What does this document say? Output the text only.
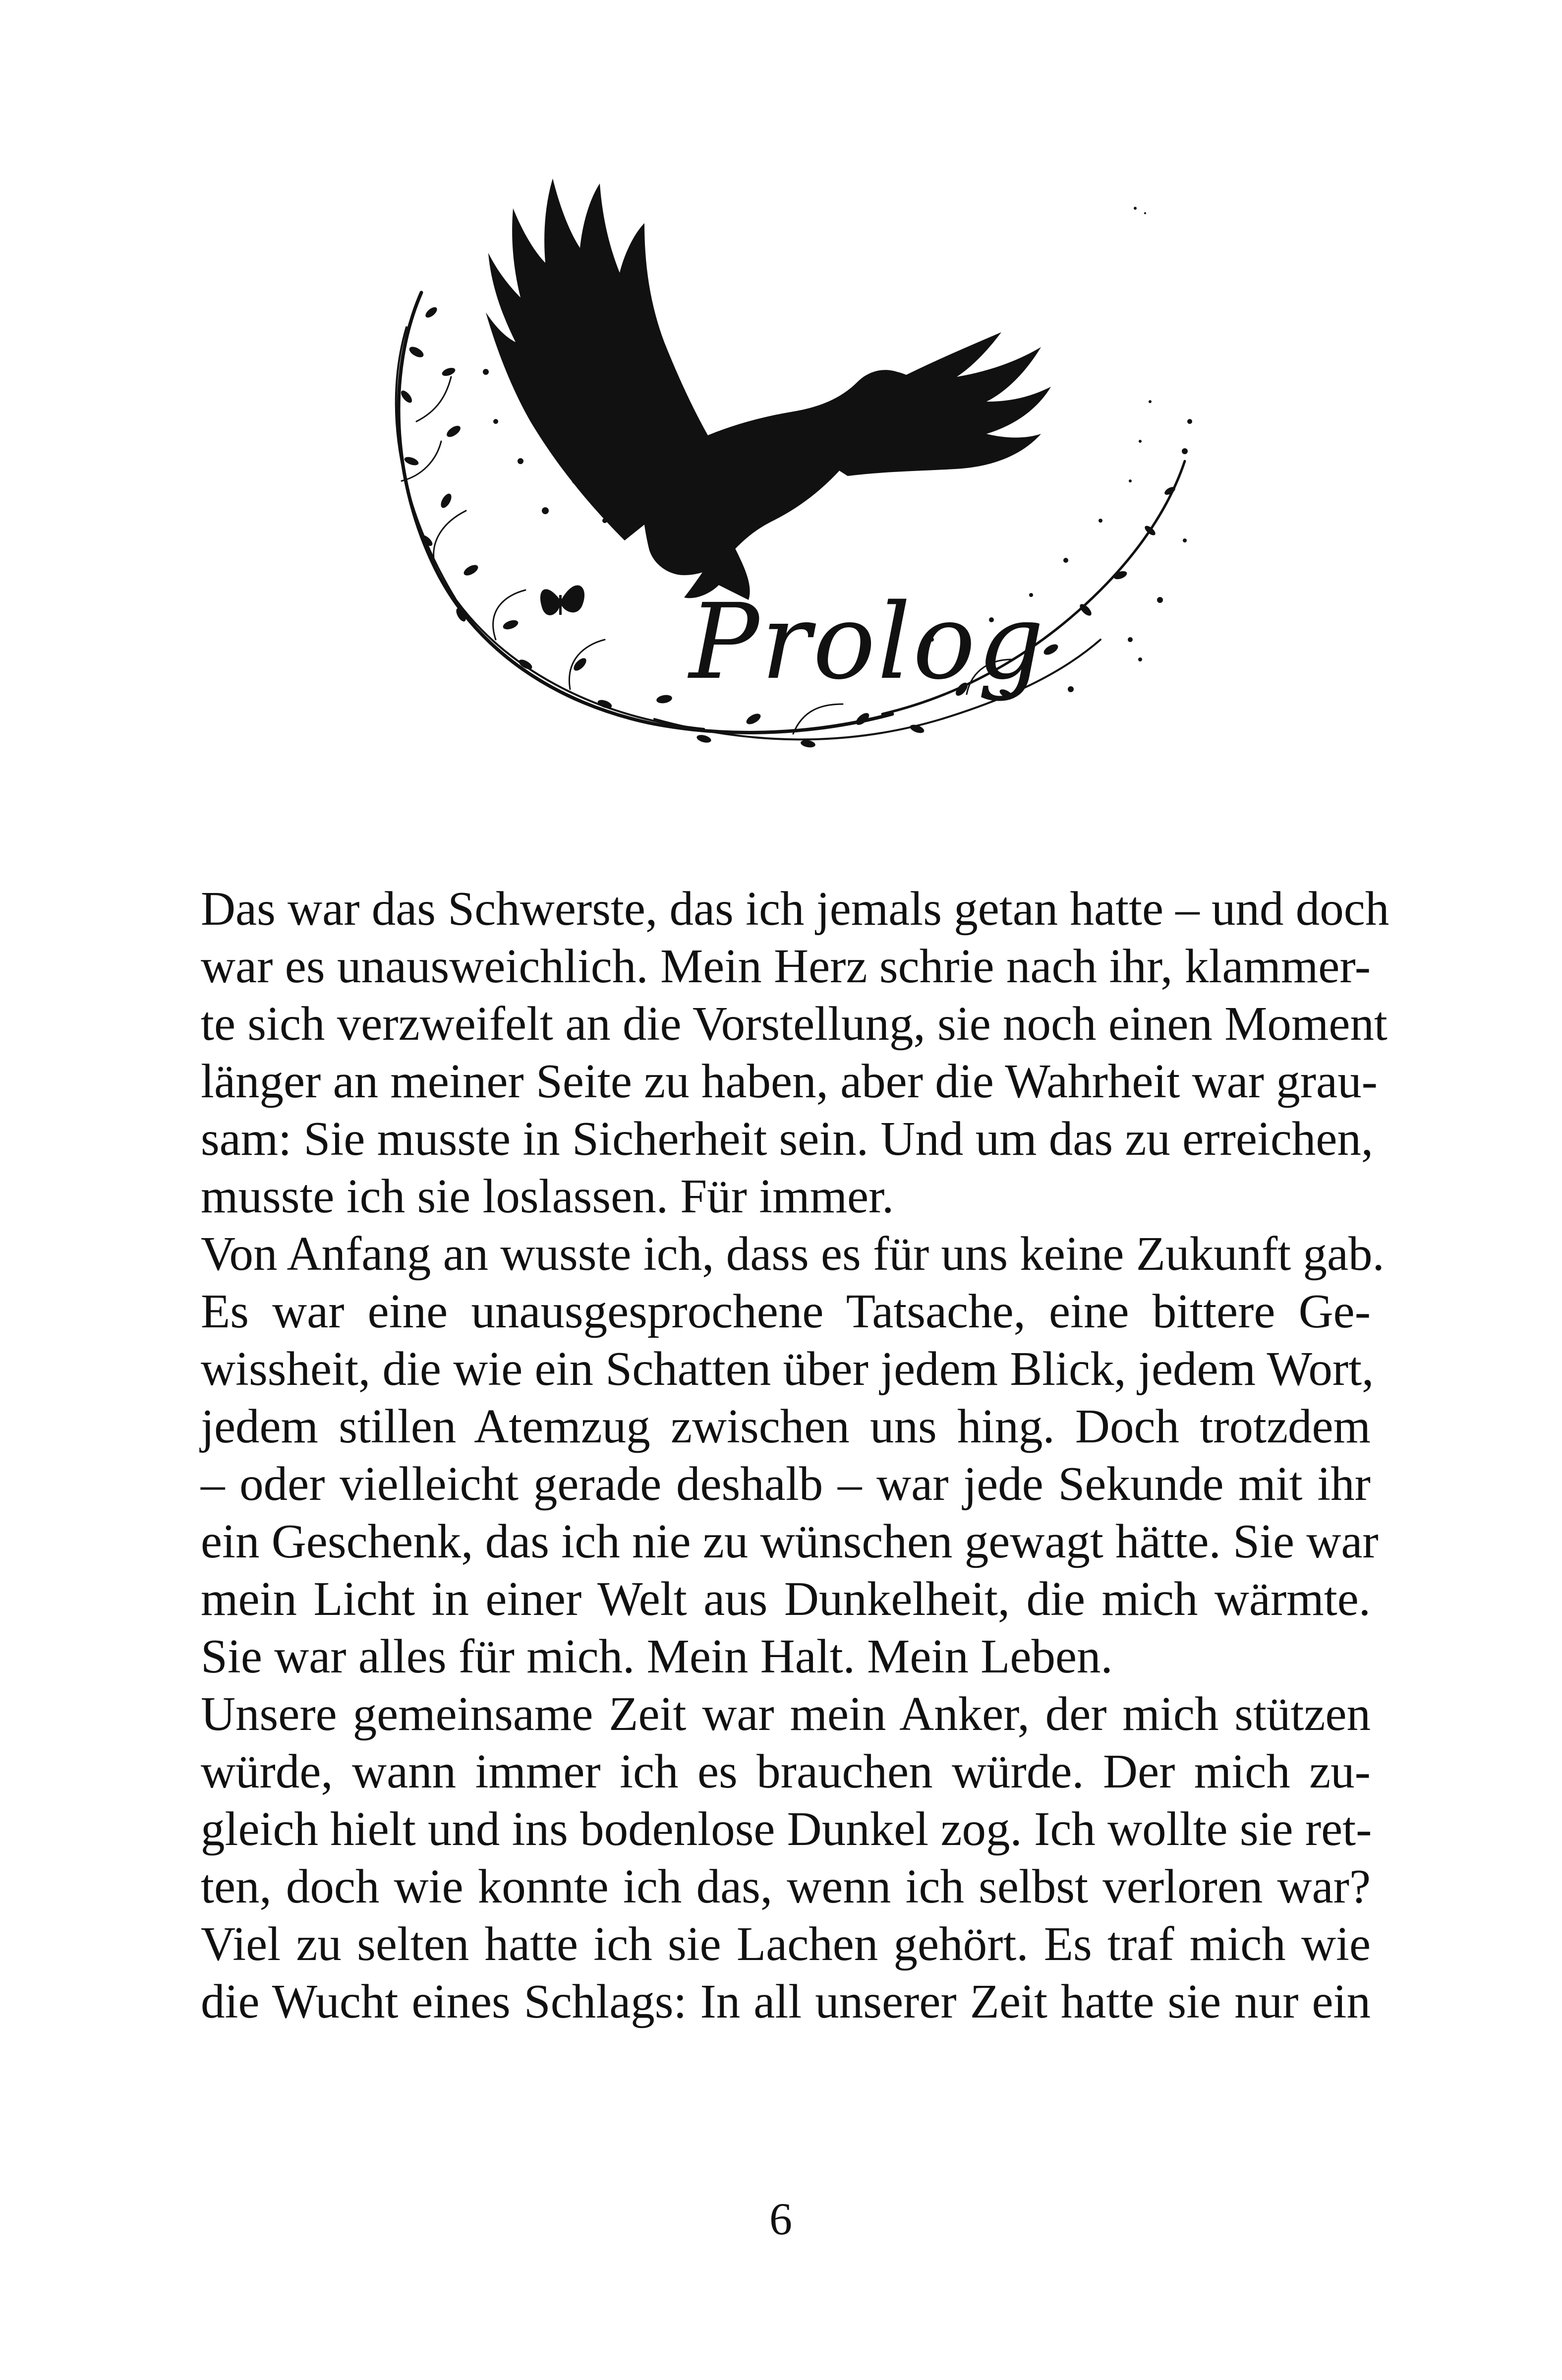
Prolog
Das war das Schwerste, das ich jemals getan hatte – und doch
war es unausweichlich. Mein Herz schrie nach ihr, klammer-
te sich verzweifelt an die Vorstellung, sie noch einen Moment
länger an meiner Seite zu haben, aber die Wahrheit war grau-
sam: Sie musste in Sicherheit sein. Und um das zu erreichen,
musste ich sie loslassen. Für immer.
Von Anfang an wusste ich, dass es für uns keine Zukunft gab.
Es war eine unausgesprochene Tatsache, eine bittere Ge-
wissheit, die wie ein Schatten über jedem Blick, jedem Wort,
jedem stillen Atemzug zwischen uns hing. Doch trotzdem
– oder vielleicht gerade deshalb – war jede Sekunde mit ihr
ein Geschenk, das ich nie zu wünschen gewagt hätte. Sie war
mein Licht in einer Welt aus Dunkelheit, die mich wärmte.
Sie war alles für mich. Mein Halt. Mein Leben.
Unsere gemeinsame Zeit war mein Anker, der mich stützen
würde, wann immer ich es brauchen würde. Der mich zu-
gleich hielt und ins bodenlose Dunkel zog. Ich wollte sie ret-
ten, doch wie konnte ich das, wenn ich selbst verloren war?
Viel zu selten hatte ich sie Lachen gehört. Es traf mich wie
die Wucht eines Schlags: In all unserer Zeit hatte sie nur ein
6
